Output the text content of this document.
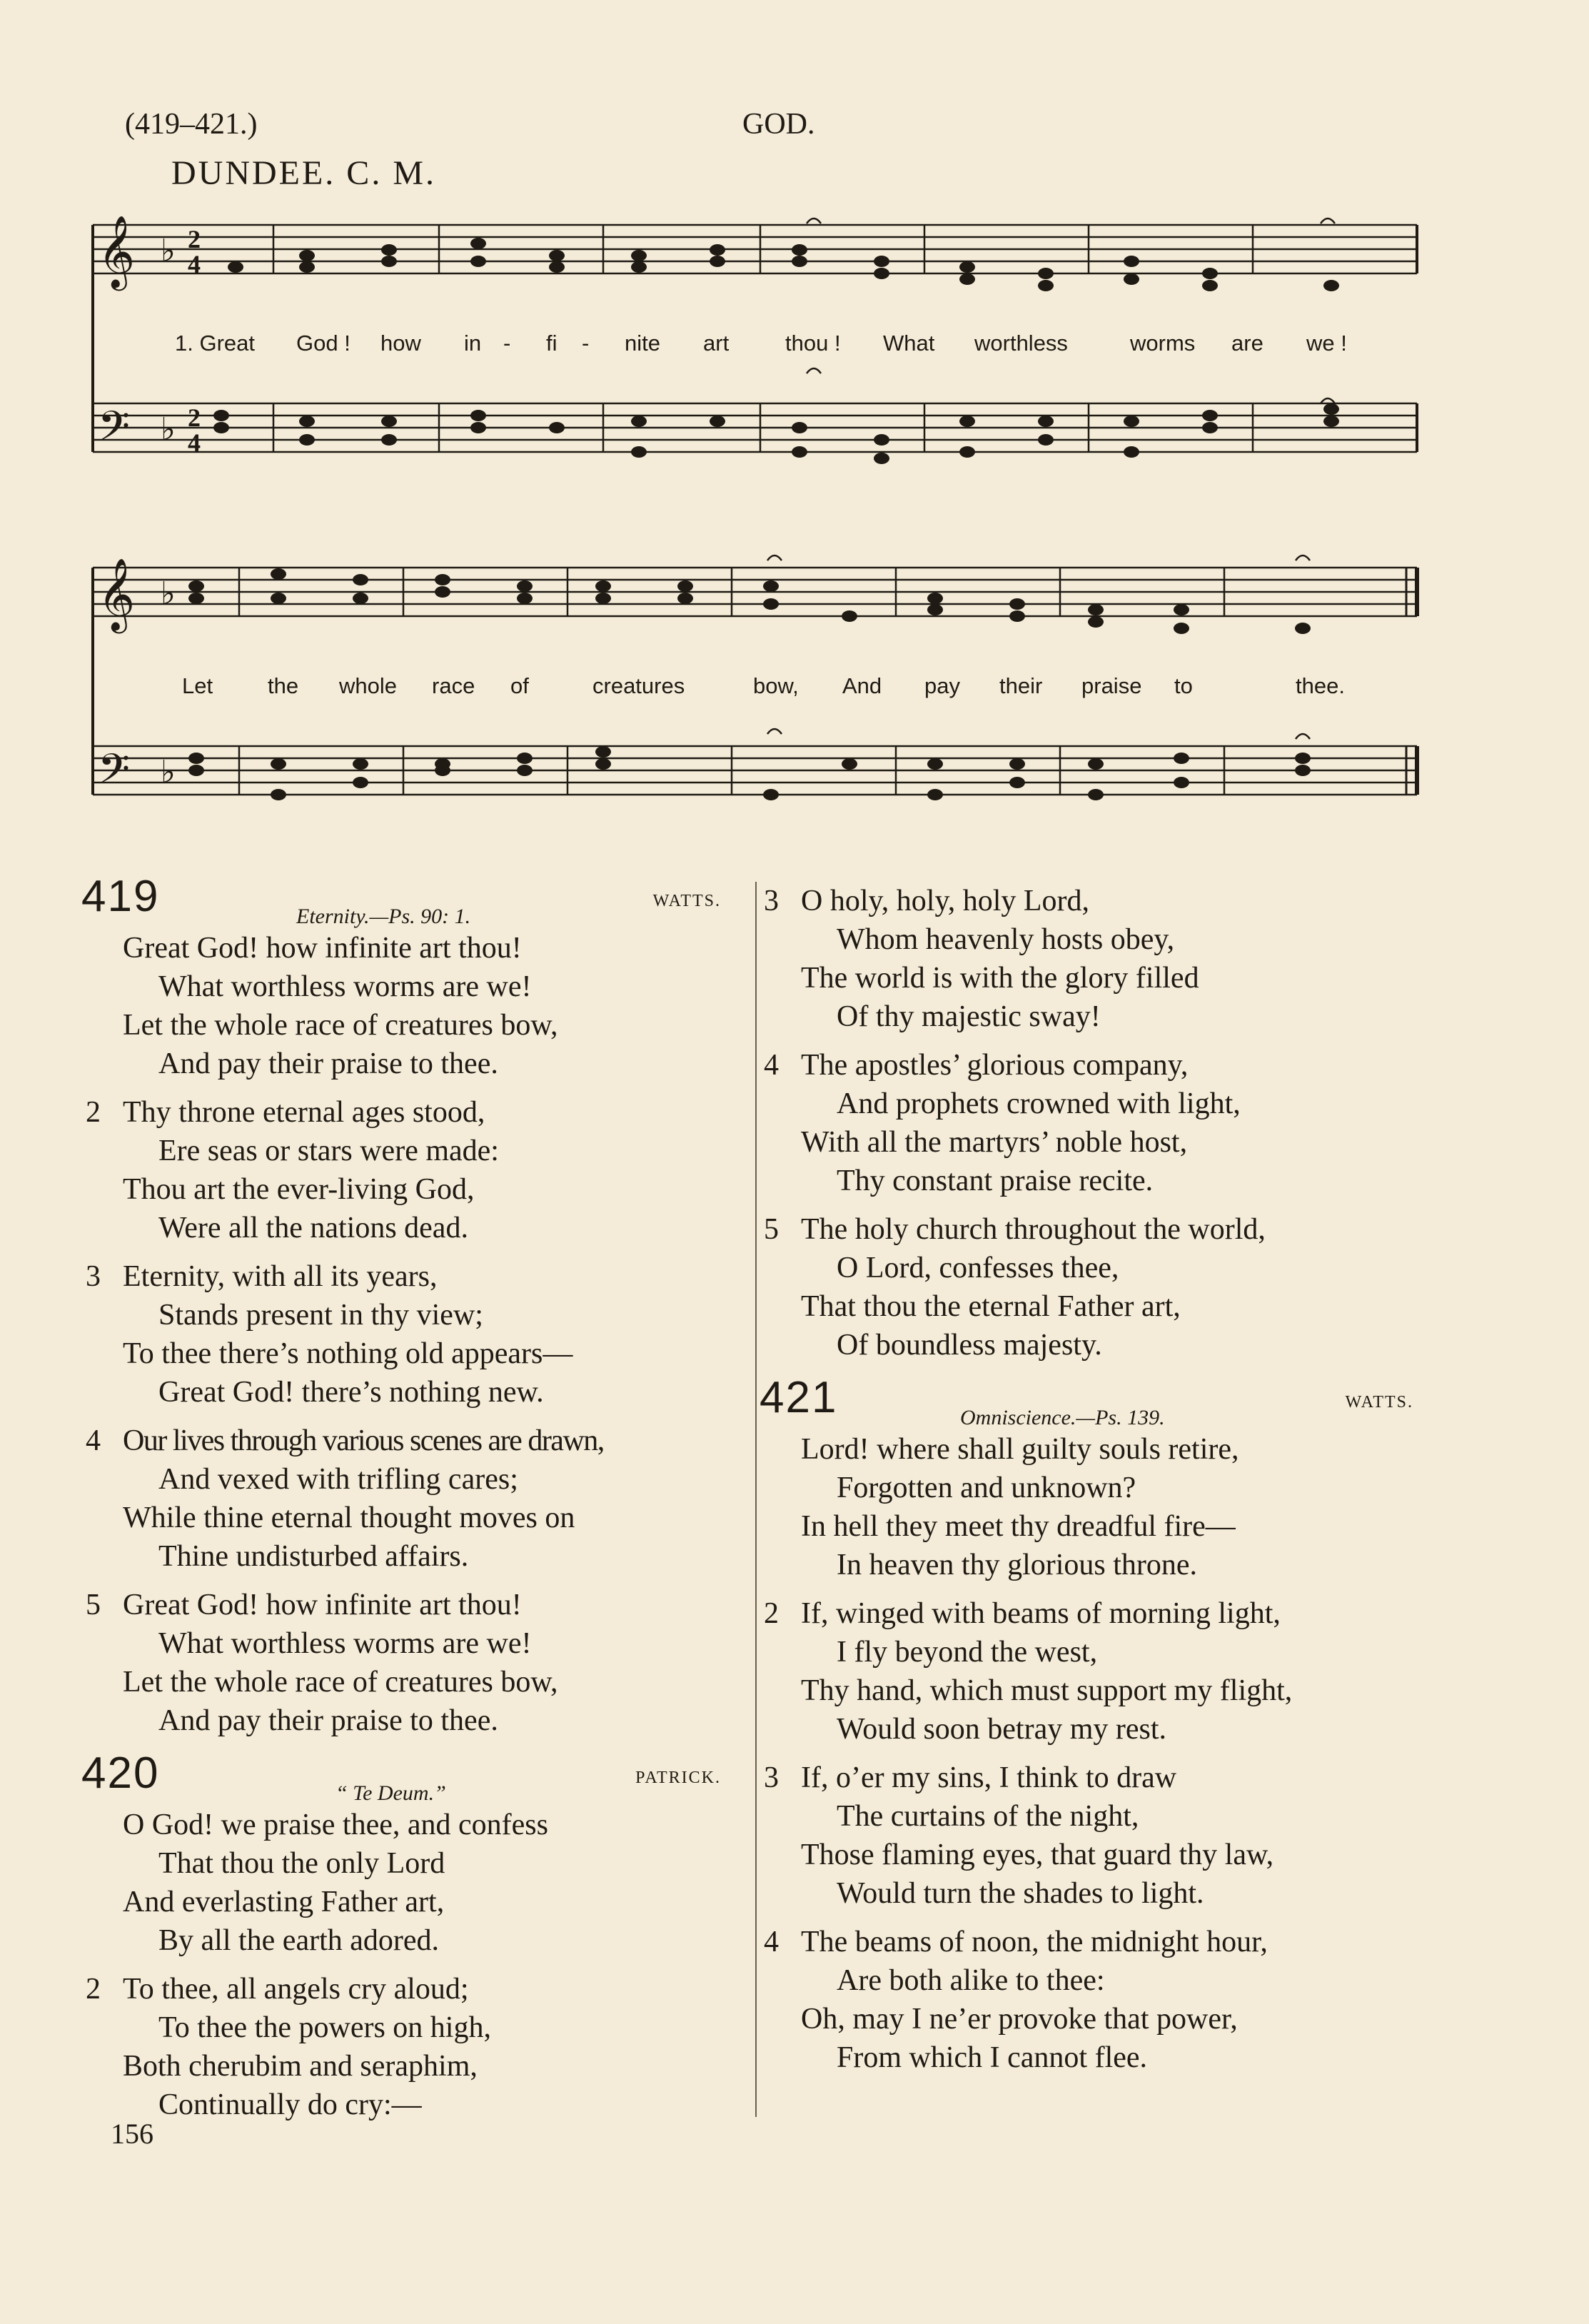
(419–421.)	GOD.
DUNDEE. C. M.
𝄞
𝄢
♭
♭
2
4
2
4
1. Great God ! how in - fi - nite art	thou ! What worthless	worms are we !
𝄞
𝄢
♭
♭
Let the whole race of	creatures	bow, And pay their praise to	thee.
419	Eternity.—Ps. 90: 1.
WATTS.
Great God! how infinite art thou!
What worthless worms are we!
Let the whole race of creatures bow,
And pay their praise to thee.
2 Thy throne eternal ages stood,
Ere seas or stars were made:
Thou art the ever-living God,
Were all the nations dead.
3 Eternity, with all its years,
Stands present in thy view;
To thee there’s nothing old appears—
Great God! there’s nothing new.
4 Our lives through various scenes are drawn,
And vexed with trifling cares;
While thine eternal thought moves on
Thine undisturbed affairs.
5 Great God! how infinite art thou!
What worthless worms are we!
Let the whole race of creatures bow,
And pay their praise to thee.
420	“ Te Deum.”
PATRICK.
O God! we praise thee, and confess
That thou the only Lord
And everlasting Father art,
By all the earth adored.
2 To thee, all angels cry aloud;
To thee the powers on high,
Both cherubim and seraphim,
Continually do cry:—
3 O holy, holy, holy Lord,
Whom heavenly hosts obey,
The world is with the glory filled
Of thy majestic sway!
4 The apostles’ glorious company,
And prophets crowned with light,
With all the martyrs’ noble host,
Thy constant praise recite.
5 The holy church throughout the world,
O Lord, confesses thee,
That thou the eternal Father art,
Of boundless majesty.
421	Omniscience.—Ps. 139.
WATTS.
Lord! where shall guilty souls retire,
Forgotten and unknown?
In hell they meet thy dreadful fire—
In heaven thy glorious throne.
2 If, winged with beams of morning light,
I fly beyond the west,
Thy hand, which must support my flight,
Would soon betray my rest.
3 If, o’er my sins, I think to draw
The curtains of the night,
Those flaming eyes, that guard thy law,
Would turn the shades to light.
4 The beams of noon, the midnight hour,
Are both alike to thee:
Oh, may I ne’er provoke that power,
From which I cannot flee.
156
